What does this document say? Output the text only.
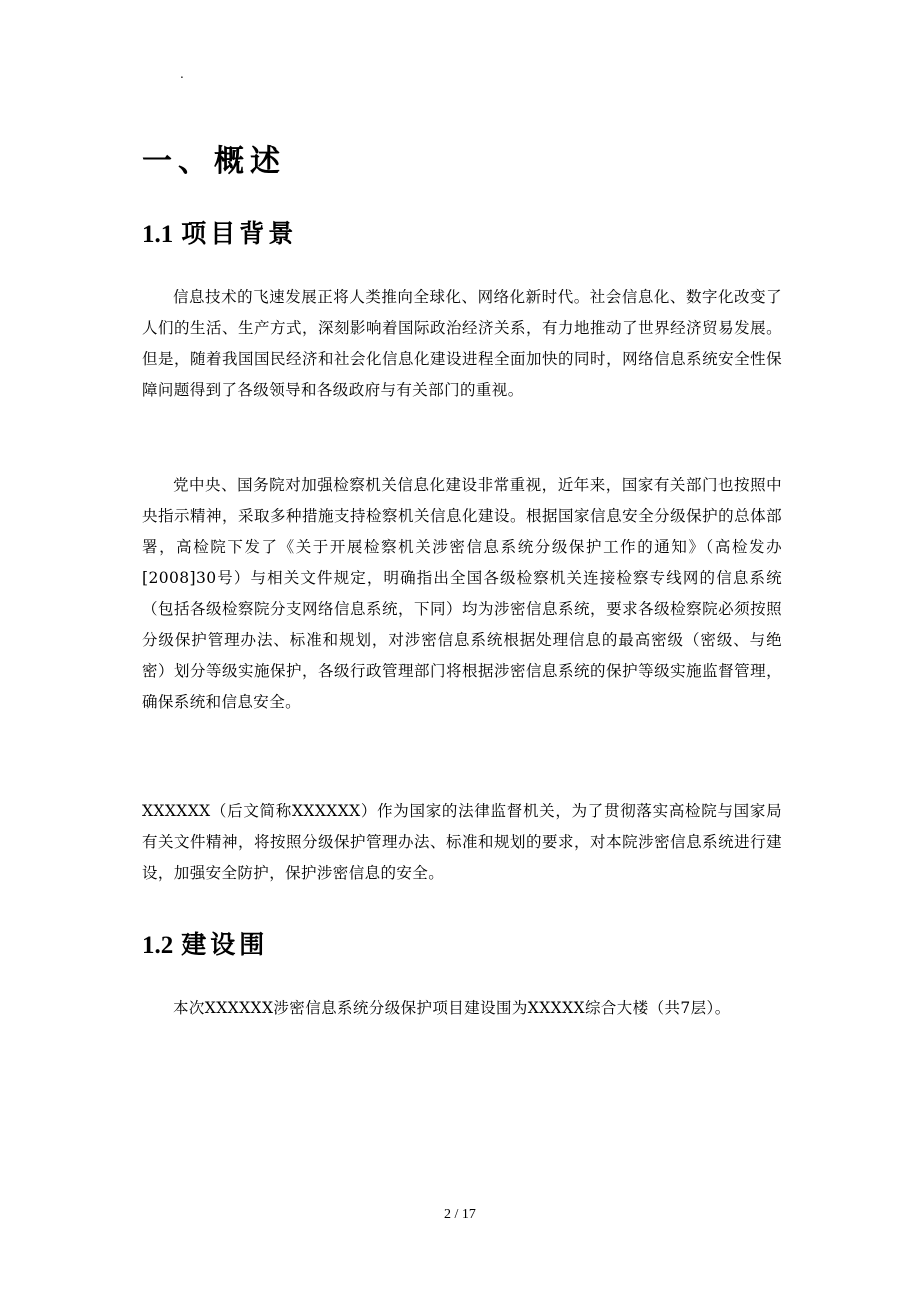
.
一、概述
1.1 项目背景

信息技术的飞速发展正将人类推向全球化、网络化新时代。社会信息化、数字化改变了人们的生活、生产方式，深刻影响着国际政治经济关系，有力地推动了世界经济贸易发展。但是，随着我国国民经济和社会化信息化建设进程全面加快的同时，网络信息系统安全性保障问题得到了各级领导和各级政府与有关部门的重视。

党中央、国务院对加强检察机关信息化建设非常重视，近年来，国家有关部门也按照中央指示精神，采取多种措施支持检察机关信息化建设。根据国家信息安全分级保护的总体部署，高检院下发了《关于开展检察机关涉密信息系统分级保护工作的通知》（高检发办[2008]30号）与相关文件规定，明确指出全国各级检察机关连接检察专线网的信息系统（包括各级检察院分支网络信息系统，下同）均为涉密信息系统，要求各级检察院必须按照分级保护管理办法、标准和规划，对涉密信息系统根据处理信息的最高密级（密级、与绝密）划分等级实施保护，各级行政管理部门将根据涉密信息系统的保护等级实施监督管理，确保系统和信息安全。

XXXXXX（后文简称XXXXXX）作为国家的法律监督机关，为了贯彻落实高检院与国家局有关文件精神，将按照分级保护管理办法、标准和规划的要求，对本院涉密信息系统进行建设，加强安全防护，保护涉密信息的安全。

1.2 建设围

本次XXXXXX涉密信息系统分级保护项目建设围为XXXXX综合大楼（共7层）。

2 / 17
